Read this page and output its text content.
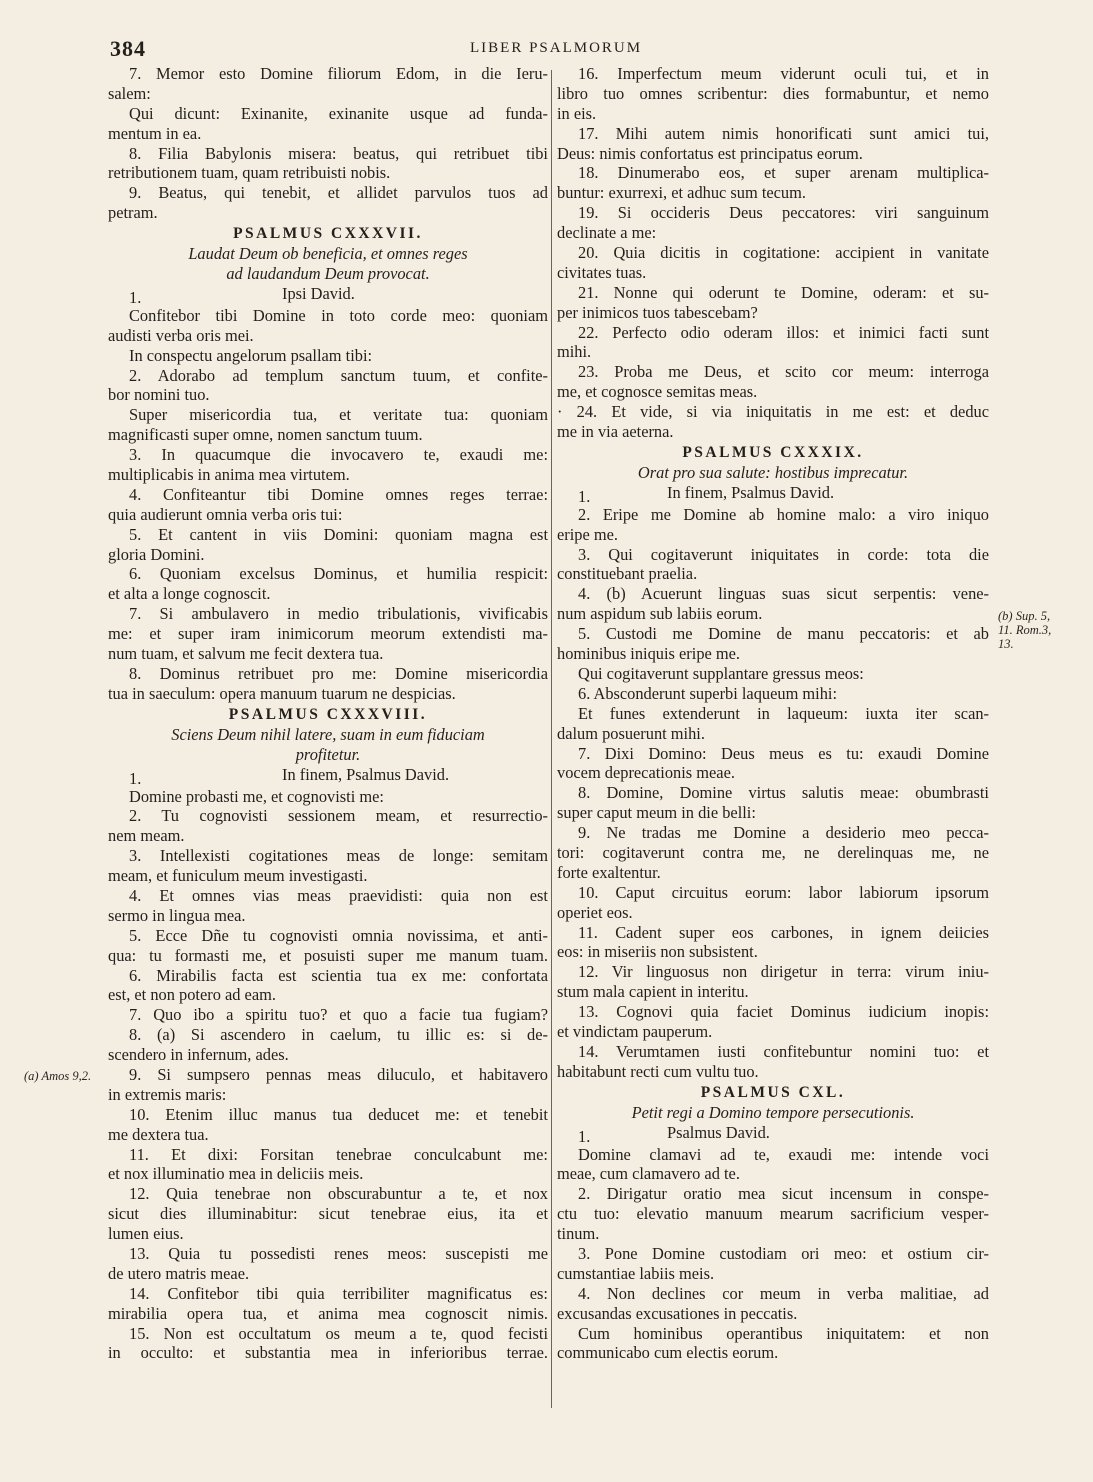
384	LIBER PSALMORUM
(a) Amos 9,2.
(b) Sup. 5,
11. Rom.3,
13.
7. Memor esto Domine filiorum Edom, in die Ieru-
salem:
Qui dicunt: Exinanite, exinanite usque ad funda-
mentum in ea.
8. Filia Babylonis misera: beatus, qui retribuet tibi
retributionem tuam, quam retribuisti nobis.
9. Beatus, qui tenebit, et allidet parvulos tuos ad
petram.
PSALMUS CXXXVII.
Laudat Deum ob beneficia, et omnes reges
ad laudandum Deum provocat.
1.	Ipsi David.
Confitebor tibi Domine in toto corde meo: quoniam
audisti verba oris mei.
In conspectu angelorum psallam tibi:
2. Adorabo ad templum sanctum tuum, et confite-
bor nomini tuo.
Super misericordia tua, et veritate tua: quoniam
magnificasti super omne, nomen sanctum tuum.
3. In quacumque die invocavero te, exaudi me:
multiplicabis in anima mea virtutem.
4. Confiteantur tibi Domine omnes reges terrae:
quia audierunt omnia verba oris tui:
5. Et cantent in viis Domini: quoniam magna est
gloria Domini.
6. Quoniam excelsus Dominus, et humilia respicit:
et alta a longe cognoscit.
7. Si ambulavero in medio tribulationis, vivificabis
me: et super iram inimicorum meorum extendisti ma-
num tuam, et salvum me fecit dextera tua.
8. Dominus retribuet pro me: Domine misericordia
tua in saeculum: opera manuum tuarum ne despicias.
PSALMUS CXXXVIII.
Sciens Deum nihil latere, suam in eum fiduciam
profitetur.
1.	In finem, Psalmus David.
Domine probasti me, et cognovisti me:
2. Tu cognovisti sessionem meam, et resurrectio-
nem meam.
3. Intellexisti cogitationes meas de longe: semitam
meam, et funiculum meum investigasti.
4. Et omnes vias meas praevidisti: quia non est
sermo in lingua mea.
5. Ecce Dñe tu cognovisti omnia novissima, et anti-
qua: tu formasti me, et posuisti super me manum tuam.
6. Mirabilis facta est scientia tua ex me: confortata
est, et non potero ad eam.
7. Quo ibo a spiritu tuo? et quo a facie tua fugiam?
8. (a) Si ascendero in caelum, tu illic es: si de-
scendero in infernum, ades.
9. Si sumpsero pennas meas diluculo, et habitavero
in extremis maris:
10. Etenim illuc manus tua deducet me: et tenebit
me dextera tua.
11. Et dixi: Forsitan tenebrae conculcabunt me:
et nox illuminatio mea in deliciis meis.
12. Quia tenebrae non obscurabuntur a te, et nox
sicut dies illuminabitur: sicut tenebrae eius, ita et
lumen eius.
13. Quia tu possedisti renes meos: suscepisti me
de utero matris meae.
14. Confitebor tibi quia terribiliter magnificatus es:
mirabilia opera tua, et anima mea cognoscit nimis.
15. Non est occultatum os meum a te, quod fecisti
in occulto: et substantia mea in inferioribus terrae.
16. Imperfectum meum viderunt oculi tui, et in
libro tuo omnes scribentur: dies formabuntur, et nemo
in eis.
17. Mihi autem nimis honorificati sunt amici tui,
Deus: nimis confortatus est principatus eorum.
18. Dinumerabo eos, et super arenam multiplica-
buntur: exurrexi, et adhuc sum tecum.
19. Si occideris Deus peccatores: viri sanguinum
declinate a me:
20. Quia dicitis in cogitatione: accipient in vanitate
civitates tuas.
21. Nonne qui oderunt te Domine, oderam: et su-
per inimicos tuos tabescebam?
22. Perfecto odio oderam illos: et inimici facti sunt
mihi.
23. Proba me Deus, et scito cor meum: interroga
me, et cognosce semitas meas.
· 24. Et vide, si via iniquitatis in me est: et deduc
me in via aeterna.
PSALMUS CXXXIX.
Orat pro sua salute: hostibus imprecatur.
1.	In finem, Psalmus David.
2. Eripe me Domine ab homine malo: a viro iniquo
eripe me.
3. Qui cogitaverunt iniquitates in corde: tota die
constituebant praelia.
4. (b) Acuerunt linguas suas sicut serpentis: vene-
num aspidum sub labiis eorum.
5. Custodi me Domine de manu peccatoris: et ab
hominibus iniquis eripe me.
Qui cogitaverunt supplantare gressus meos:
6. Absconderunt superbi laqueum mihi:
Et funes extenderunt in laqueum: iuxta iter scan-
dalum posuerunt mihi.
7. Dixi Domino: Deus meus es tu: exaudi Domine
vocem deprecationis meae.
8. Domine, Domine virtus salutis meae: obumbrasti
super caput meum in die belli:
9. Ne tradas me Domine a desiderio meo pecca-
tori: cogitaverunt contra me, ne derelinquas me, ne
forte exaltentur.
10. Caput circuitus eorum: labor labiorum ipsorum
operiet eos.
11. Cadent super eos carbones, in ignem deiicies
eos: in miseriis non subsistent.
12. Vir linguosus non dirigetur in terra: virum iniu-
stum mala capient in interitu.
13. Cognovi quia faciet Dominus iudicium inopis:
et vindictam pauperum.
14. Verumtamen iusti confitebuntur nomini tuo: et
habitabunt recti cum vultu tuo.
PSALMUS CXL.
Petit regi a Domino tempore persecutionis.
1.	Psalmus David.
Domine clamavi ad te, exaudi me: intende voci
meae, cum clamavero ad te.
2. Dirigatur oratio mea sicut incensum in conspe-
ctu tuo: elevatio manuum mearum sacrificium vesper-
tinum.
3. Pone Domine custodiam ori meo: et ostium cir-
cumstantiae labiis meis.
4. Non declines cor meum in verba malitiae, ad
excusandas excusationes in peccatis.
Cum hominibus operantibus iniquitatem: et non
communicabo cum electis eorum.
